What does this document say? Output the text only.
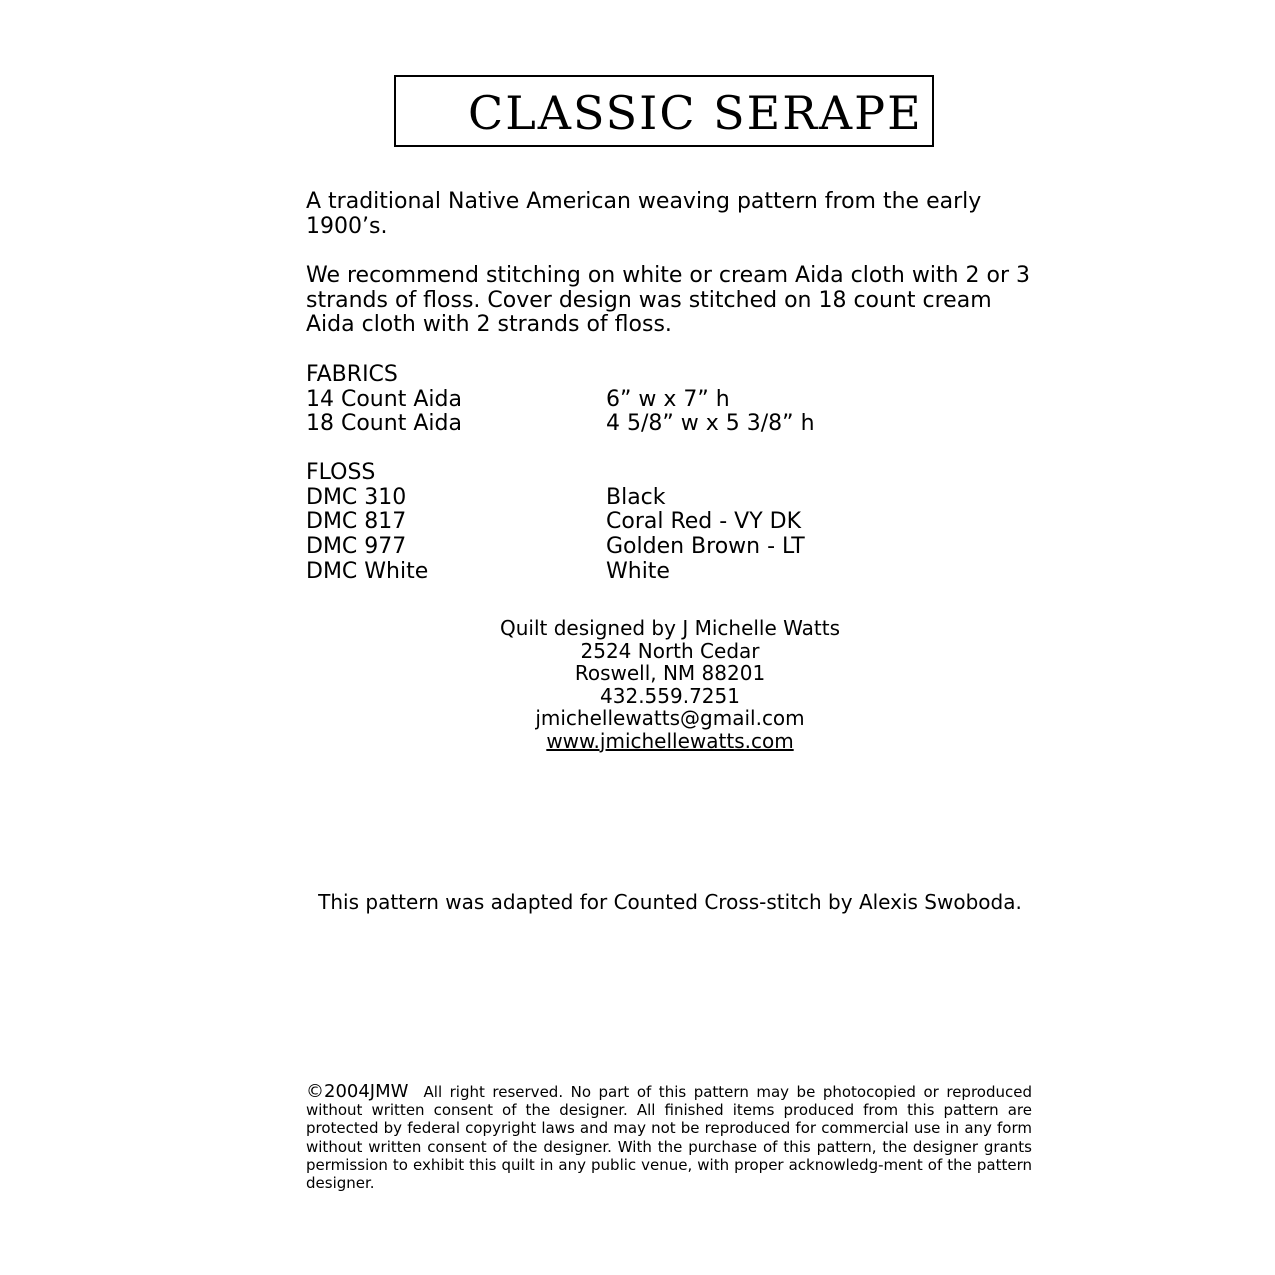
CLASSIC SERAPE
A traditional Native American weaving pattern from the early 1900’s.
We recommend stitching on white or cream Aida cloth with 2 or 3 strands of floss. Cover design was stitched on 18 count cream Aida cloth with 2 strands of floss.
FABRICS
14 Count Aida	6” w x 7” h
18 Count Aida	4 5/8” w x 5 3/8” h
FLOSS
DMC 310	Black
DMC 817	Coral Red - VY DK
DMC 977	Golden Brown - LT
DMC White	White
Quilt designed by J Michelle Watts
2524 North Cedar
Roswell, NM 88201
432.559.7251
jmichellewatts@gmail.com
www.jmichellewatts.com
This pattern was adapted for Counted Cross-stitch by Alexis Swoboda.
©2004JMW All right reserved. No part of this pattern may be photocopied or reproduced without written consent of the designer. All finished items produced from this pattern are protected by federal copyright laws and may not be reproduced for commercial use in any form without written consent of the designer. With the purchase of this pattern, the designer grants permission to exhibit this quilt in any public venue, with proper acknowledg-ment of the pattern designer.
